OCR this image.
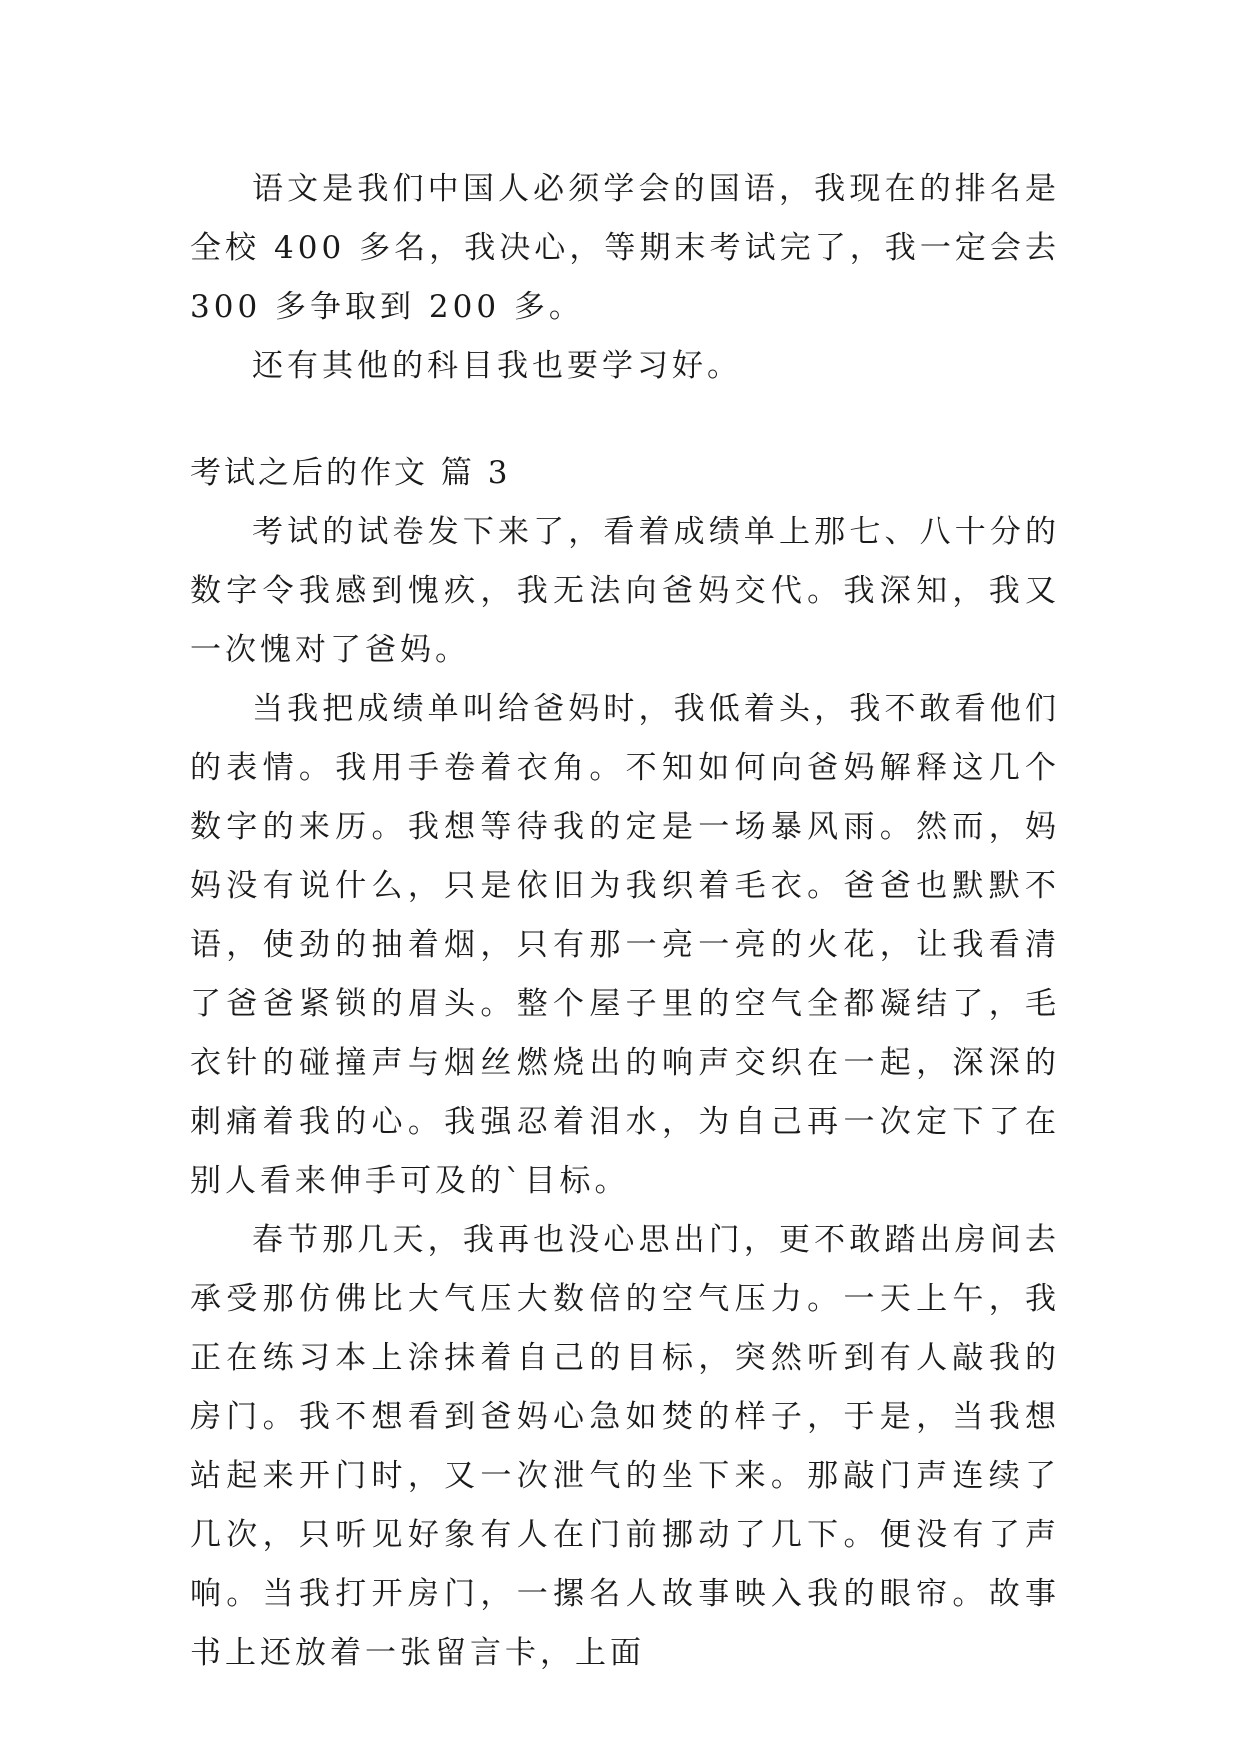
语文是我们中国人必须学会的国语，我现在的排名是全校 400 多名，我决心，等期末考试完了，我一定会去 300 多争取到 200 多。

还有其他的科目我也要学习好。

考试之后的作文 篇 3

考试的试卷发下来了，看着成绩单上那七、八十分的数字令我感到愧疚，我无法向爸妈交代。我深知，我又一次愧对了爸妈。

当我把成绩单叫给爸妈时，我低着头，我不敢看他们的表情。我用手卷着衣角。不知如何向爸妈解释这几个数字的来历。我想等待我的定是一场暴风雨。然而，妈妈没有说什么，只是依旧为我织着毛衣。爸爸也默默不语，使劲的抽着烟，只有那一亮一亮的火花，让我看清了爸爸紧锁的眉头。整个屋子里的空气全都凝结了，毛衣针的碰撞声与烟丝燃烧出的响声交织在一起，深深的刺痛着我的心。我强忍着泪水，为自己再一次定下了在别人看来伸手可及的`目标。

春节那几天，我再也没心思出门，更不敢踏出房间去承受那仿佛比大气压大数倍的空气压力。一天上午，我正在练习本上涂抹着自己的目标，突然听到有人敲我的房门。我不想看到爸妈心急如焚的样子，于是，当我想站起来开门时，又一次泄气的坐下来。那敲门声连续了几次，只听见好象有人在门前挪动了几下。便没有了声响。当我打开房门，一摞名人故事映入我的眼帘。故事书上还放着一张留言卡，上面
